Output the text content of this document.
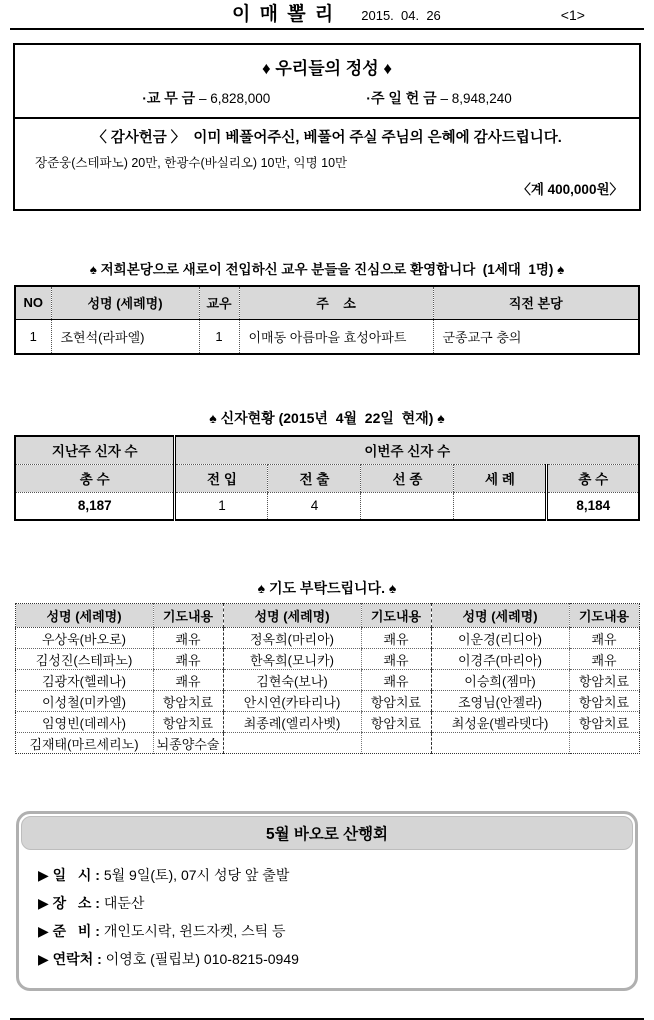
이 매 뽈 리 2015.  04.  26	<1>
♦ 우리들의 정성 ♦
·교 무 금 – 6,828,000	·주 일 헌 금 – 8,948,240
〈 감사헌금 〉  이미 베풀어주신, 베풀어 주실 주님의 은혜에 감사드립니다.
장준웅(스테파노) 20만, 한광수(바실리오) 10만, 익명 10만
〈계 400,000원〉
♠ 저희본당으로 새로이 전입하신 교우 분들을 진심으로 환영합니다  (1세대  1명) ♠
NO	성명 (세례명)	교우	주    소	직전 본당
1	조현석(라파엘)	1	이매동 아름마을 효성아파트	군종교구 충의
♠ 신자현황 (2015년  4월  22일  현재) ♠
지난주 신자 수	이번주 신자 수				
총 수	전 입	전 출	선 종	세 례	총 수
8,187	1	4			8,184
♠ 기도 부탁드립니다. ♠
성명 (세례명)	기도내용	성명 (세례명)	기도내용	성명 (세례명)	기도내용
우상욱(바오로)	쾌유	정옥희(마리아)	쾌유	이운경(리디아)	쾌유
김성진(스테파노)	쾌유	한옥희(모니카)	쾌유	이경주(마리아)	쾌유
김광자(헬레나)	쾌유	김현숙(보나)	쾌유	이승희(젬마)	항암치료
이성철(미카엘)	항암치료	안시연(카타리나)	항암치료	조영님(안젤라)	항암치료
임영빈(데레사)	항암치료	최종례(엘리사벳)	항암치료	최성윤(벨라뎃다)	항암치료
김재태(마르세리노)	뇌종양수술				
5월 바오로 산행회
▶ 일   시 : 5월 9일(토), 07시 성당 앞 출발
▶ 장   소 : 대둔산
▶ 준   비 : 개인도시락, 윈드자켓, 스틱 등
▶ 연락처 : 이영호 (필립보) 010-8215-0949
